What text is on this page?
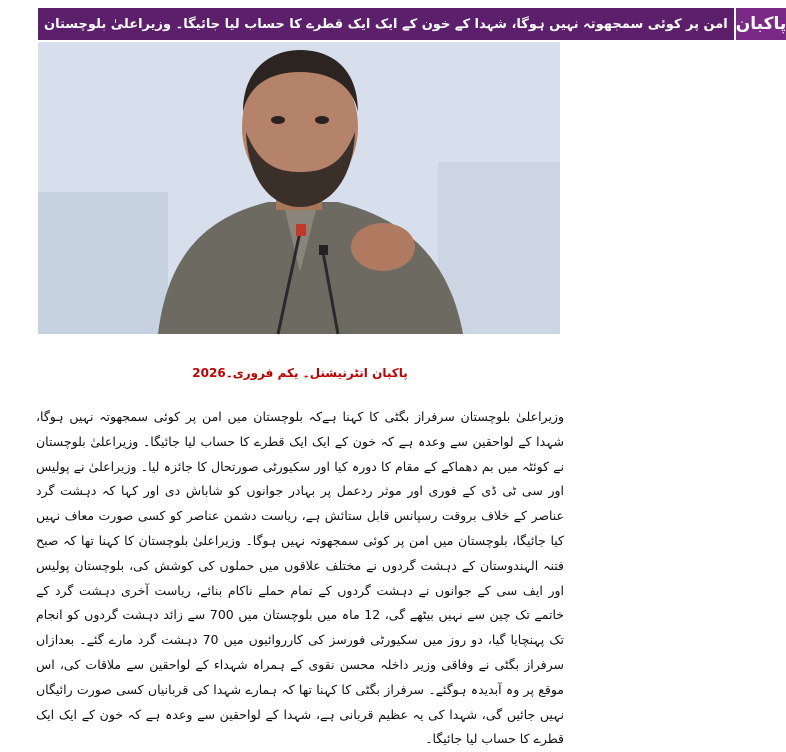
امن پر کوئی سمجھوتہ نہیں ہوگا، شہدا کے خون کے ایک ایک قطرے کا حساب لیا جائیگا۔ وزیراعلیٰ بلوچستان پاکبان
پاکبان انٹرنیشنل۔ یکم فروری۔2026
وزیراعلیٰ بلوچستان سرفراز بگٹی کا کہنا ہےکہ بلوچستان میں امن پر کوئی سمجھوتہ نہیں ہوگا، شہدا کے لواحقین سے وعدہ ہے کہ خون کے ایک ایک قطرے کا حساب لیا جائیگا۔ وزیراعلیٰ بلوچستان نے کوئٹہ میں بم دھماکے کے مقام کا دورہ کیا اور سکیورٹی صورتحال کا جائزہ لیا۔ وزیراعلیٰ نے پولیس اور سی ٹی ڈی کے فوری اور موثر ردعمل پر بہادر جوانوں کو شاباش دی اور کہا کہ دہشت گرد عناصر کے خلاف بروقت رسپانس قابل ستائش ہے، ریاست دشمن عناصر کو کسی صورت معاف نہیں کیا جائیگا، بلوچستان میں امن پر کوئی سمجھوتہ نہیں ہوگا۔ وزیراعلیٰ بلوچستان کا کہنا تھا کہ صبح فتنہ الہندوستان کے دہشت گردوں نے مختلف علاقوں میں حملوں کی کوشش کی، بلوچستان پولیس اور ایف سی کے جوانوں نے دہشت گردوں کے تمام حملے ناکام بنائے، ریاست آخری دہشت گرد کے خاتمے تک چین سے نہیں بیٹھے گی، 12 ماہ میں بلوچستان میں 700 سے زائد دہشت گردوں کو انجام تک پہنچایا گیا، دو روز میں سکیورٹی فورسز کی کارروائیوں میں 70 دہشت گرد مارے گئے۔ بعدازاں سرفراز بگٹی نے وفاقی وزیر داخلہ محسن نقوی کے ہمراہ شہداء کے لواحقین سے ملاقات کی، اس موقع پر وہ آبدیدہ ہوگئے۔ سرفراز بگٹی کا کہنا تھا کہ ہمارے شہدا کی قربانیاں کسی صورت رائیگاں نہیں جائیں گی، شہدا کی یہ عظیم قربانی ہے، شہدا کے لواحقین سے وعدہ ہے کہ خون کے ایک ایک قطرے کا حساب لیا جائیگا۔
